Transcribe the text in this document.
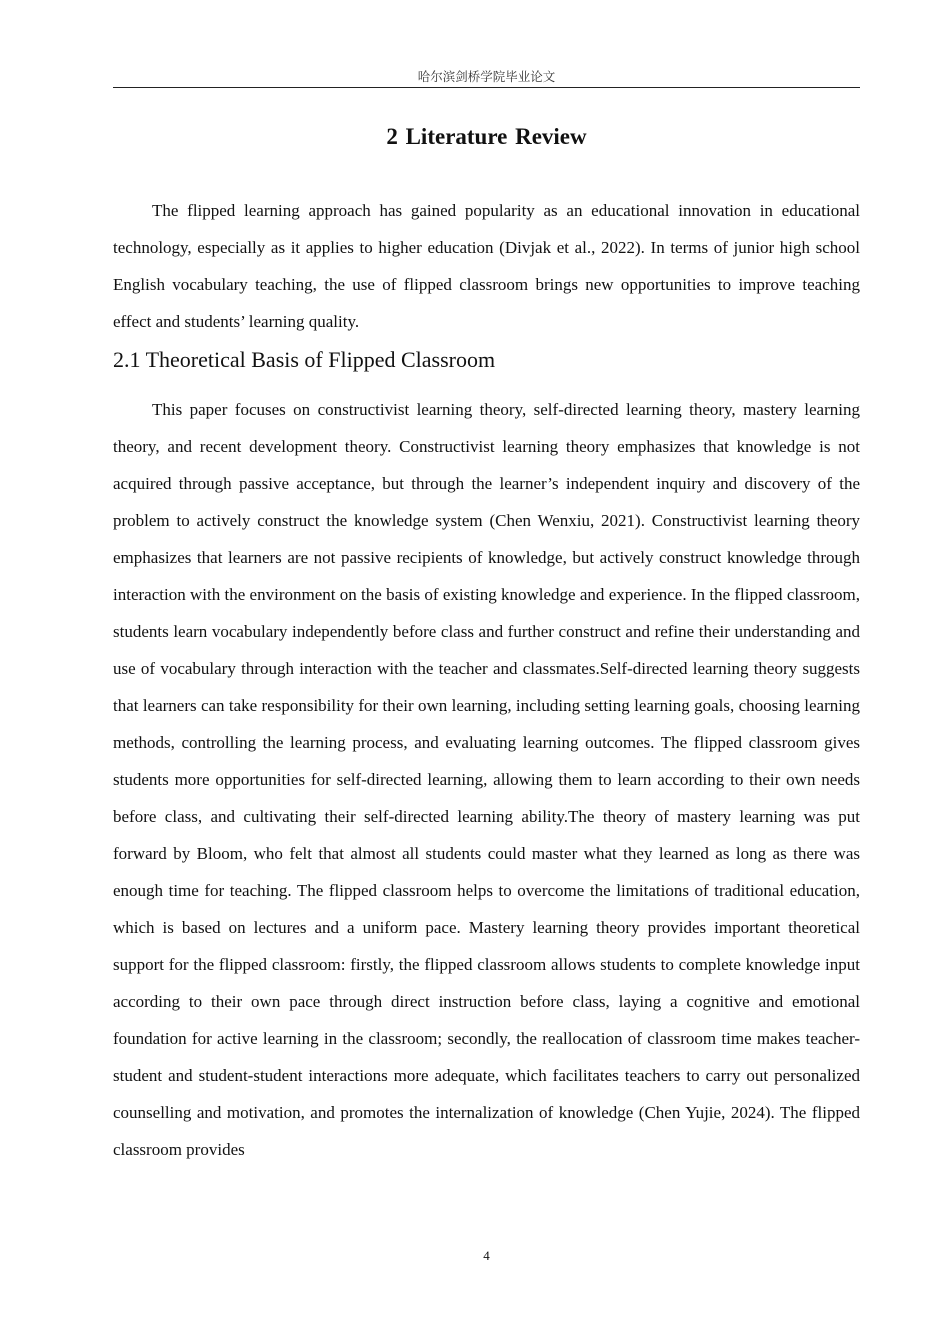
哈尔滨剑桥学院毕业论文
2 Literature Review

The flipped learning approach has gained popularity as an educational innovation in educational technology, especially as it applies to higher education (Divjak et al., 2022). In terms of junior high school English vocabulary teaching, the use of flipped classroom brings new opportunities to improve teaching effect and students’ learning quality.

2.1 Theoretical Basis of Flipped Classroom

This paper focuses on constructivist learning theory, self-directed learning theory, mastery learning theory, and recent development theory. Constructivist learning theory emphasizes that knowledge is not acquired through passive acceptance, but through the learner’s independent inquiry and discovery of the problem to actively construct the knowledge system (Chen Wenxiu, 2021). Constructivist learning theory emphasizes that learners are not passive recipients of knowledge, but actively construct knowledge through interaction with the environment on the basis of existing knowledge and experience. In the flipped classroom, students learn vocabulary independently before class and further construct and refine their understanding and use of vocabulary through interaction with the teacher and classmates.Self-directed learning theory suggests that learners can take responsibility for their own learning, including setting learning goals, choosing learning methods, controlling the learning process, and evaluating learning outcomes. The flipped classroom gives students more opportunities for self-directed learning, allowing them to learn according to their own needs before class, and cultivating their self-directed learning ability.The theory of mastery learning was put forward by Bloom, who felt that almost all students could master what they learned as long as there was enough time for teaching. The flipped classroom helps to overcome the limitations of traditional education, which is based on lectures and a uniform pace. Mastery learning theory provides important theoretical support for the flipped classroom: firstly, the flipped classroom allows students to complete knowledge input according to their own pace through direct instruction before class, laying a cognitive and emotional foundation for active learning in the classroom; secondly, the reallocation of classroom time makes teacher-student and student-student interactions more adequate, which facilitates teachers to carry out personalized counselling and motivation, and promotes the internalization of knowledge (Chen Yujie, 2024). The flipped classroom provides

4
